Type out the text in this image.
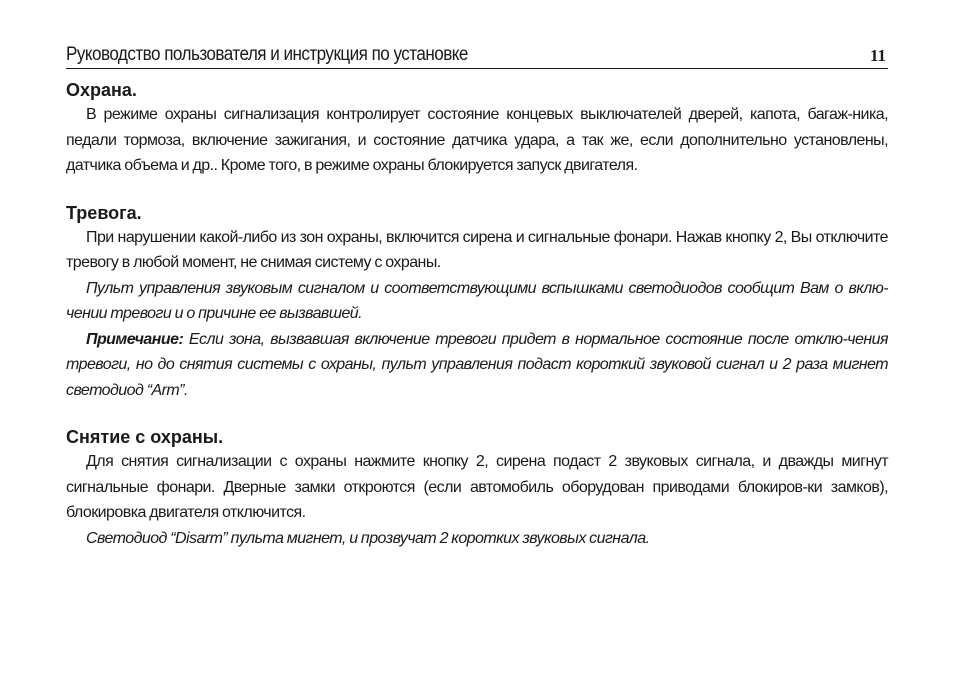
Руководство пользователя и инструкция по установке	11
Охрана.

В режиме охраны сигнализация контролирует состояние концевых выключателей дверей, капота, багаж-ника, педали тормоза, включение зажигания, и состояние датчика удара, а так же, если дополнительно установлены, датчика объема и др.. Кроме того, в режиме охраны блокируется запуск двигателя.

Тревога.

При нарушении какой-либо из зон охраны, включится сирена и сигнальные фонари. Нажав кнопку 2, Вы отключите тревогу в любой момент, не снимая систему с охраны.

Пульт управления звуковым сигналом и соответствующими вспышками светодиодов сообщит Вам о вклю-чении тревоги и о причине ее вызвавшей.

Примечание: Если зона, вызвавшая включение тревоги придет в нормальное состояние после отклю-чения тревоги, но до снятия системы с охраны, пульт управления подаст короткий звуковой сигнал и 2 раза мигнет светодиод “Arm”.

Снятие с охраны.

Для снятия сигнализации с охраны нажмите кнопку 2, сирена подаст 2 звуковых сигнала, и дважды мигнут сигнальные фонари. Дверные замки откроются (если автомобиль оборудован приводами блокиров-ки замков), блокировка двигателя отключится.

Светодиод “Disarm” пульта мигнет, и прозвучат 2 коротких звуковых сигнала.
